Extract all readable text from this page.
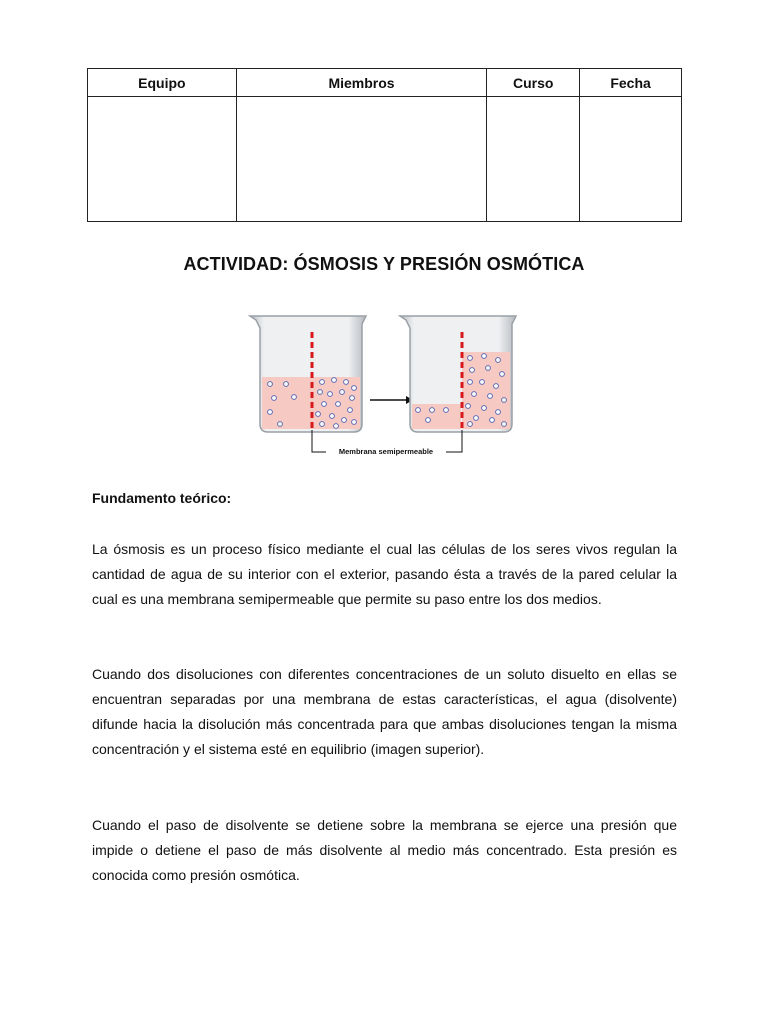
Equipo	Miembros	Curso	Fecha

ACTIVIDAD: ÓSMOSIS Y PRESIÓN OSMÓTICA
Membrana semipermeable
Fundamento teórico:

La ósmosis es un proceso físico mediante el cual las células de los seres vivos regulan la cantidad de agua de su interior con el exterior, pasando ésta a través de la pared celular la cual es una membrana semipermeable que permite su paso entre los dos medios.

Cuando dos disoluciones con diferentes concentraciones de un soluto disuelto en ellas se encuentran separadas por una membrana de estas características, el agua (disolvente) difunde hacia la disolución más concentrada para que ambas disoluciones tengan la misma concentración y el sistema esté en equilibrio (imagen superior).

Cuando el paso de disolvente se detiene sobre la membrana se ejerce una presión que impide o detiene el paso de más disolvente al medio más concentrado. Esta presión es conocida como presión osmótica.
